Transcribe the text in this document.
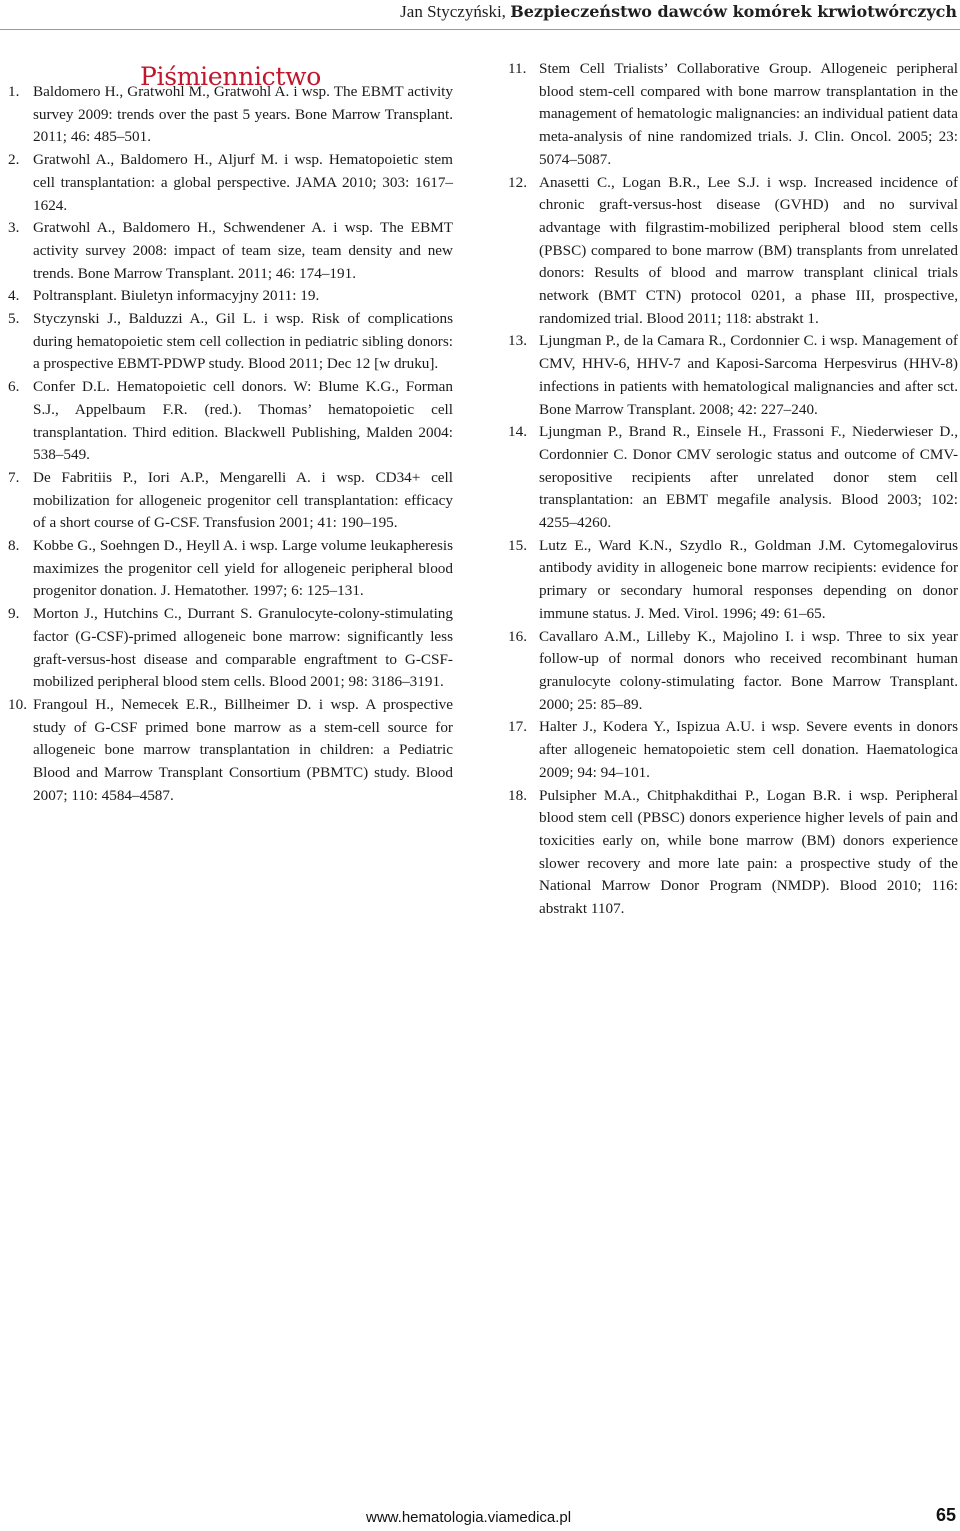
Jan Styczyński, Bezpieczeństwo dawców komórek krwiotwórczych
Piśmiennictwo
1. Baldomero H., Gratwohl M., Gratwohl A. i wsp. The EBMT activity survey 2009: trends over the past 5 years. Bone Marrow Transplant. 2011; 46: 485–501.
2. Gratwohl A., Baldomero H., Aljurf M. i wsp. Hematopoietic stem cell transplantation: a global perspective. JAMA 2010; 303: 1617–1624.
3. Gratwohl A., Baldomero H., Schwendener A. i wsp. The EBMT activity survey 2008: impact of team size, team density and new trends. Bone Marrow Transplant. 2011; 46: 174–191.
4. Poltransplant. Biuletyn informacyjny 2011: 19.
5. Styczynski J., Balduzzi A., Gil L. i wsp. Risk of complications during hematopoietic stem cell collection in pediatric sibling donors: a prospective EBMT-PDWP study. Blood 2011; Dec 12 [w druku].
6. Confer D.L. Hematopoietic cell donors. W: Blume K.G., Forman S.J., Appelbaum F.R. (red.). Thomas’ hematopoietic cell transplantation. Third edition. Blackwell Publishing, Malden 2004: 538–549.
7. De Fabritiis P., Iori A.P., Mengarelli A. i wsp. CD34+ cell mobilization for allogeneic progenitor cell transplantation: efficacy of a short course of G-CSF. Transfusion 2001; 41: 190–195.
8. Kobbe G., Soehngen D., Heyll A. i wsp. Large volume leukapheresis maximizes the progenitor cell yield for allogeneic peripheral blood progenitor donation. J. Hematother. 1997; 6: 125–131.
9. Morton J., Hutchins C., Durrant S. Granulocyte-colony-stimulating factor (G-CSF)-primed allogeneic bone marrow: significantly less graft-versus-host disease and comparable engraftment to G-CSF-mobilized peripheral blood stem cells. Blood 2001; 98: 3186–3191.
10. Frangoul H., Nemecek E.R., Billheimer D. i wsp. A prospective study of G-CSF primed bone marrow as a stem-cell source for allogeneic bone marrow transplantation in children: a Pediatric Blood and Marrow Transplant Consortium (PBMTC) study. Blood 2007; 110: 4584–4587.
11. Stem Cell Trialists’ Collaborative Group. Allogeneic peripheral blood stem-cell compared with bone marrow transplantation in the management of hematologic malignancies: an individual patient data meta-analysis of nine randomized trials. J. Clin. Oncol. 2005; 23: 5074–5087.
12. Anasetti C., Logan B.R., Lee S.J. i wsp. Increased incidence of chronic graft-versus-host disease (GVHD) and no survival advantage with filgrastim-mobilized peripheral blood stem cells (PBSC) compared to bone marrow (BM) transplants from unrelated donors: Results of blood and marrow transplant clinical trials network (BMT CTN) protocol 0201, a phase III, prospective, randomized trial. Blood 2011; 118: abstrakt 1.
13. Ljungman P., de la Camara R., Cordonnier C. i wsp. Management of CMV, HHV-6, HHV-7 and Kaposi-Sarcoma Herpesvirus (HHV-8) infections in patients with hematological malignancies and after sct. Bone Marrow Transplant. 2008; 42: 227–240.
14. Ljungman P., Brand R., Einsele H., Frassoni F., Niederwieser D., Cordonnier C. Donor CMV serologic status and outcome of CMV-seropositive recipients after unrelated donor stem cell transplantation: an EBMT megafile analysis. Blood 2003; 102: 4255–4260.
15. Lutz E., Ward K.N., Szydlo R., Goldman J.M. Cytomegalovirus antibody avidity in allogeneic bone marrow recipients: evidence for primary or secondary humoral responses depending on donor immune status. J. Med. Virol. 1996; 49: 61–65.
16. Cavallaro A.M., Lilleby K., Majolino I. i wsp. Three to six year follow-up of normal donors who received recombinant human granulocyte colony-stimulating factor. Bone Marrow Transplant. 2000; 25: 85–89.
17. Halter J., Kodera Y., Ispizua A.U. i wsp. Severe events in donors after allogeneic hematopoietic stem cell donation. Haematologica 2009; 94: 94–101.
18. Pulsipher M.A., Chitphakdithai P., Logan B.R. i wsp. Peripheral blood stem cell (PBSC) donors experience higher levels of pain and toxicities early on, while bone marrow (BM) donors experience slower recovery and more late pain: a prospective study of the National Marrow Donor Program (NMDP). Blood 2010; 116: abstrakt 1107.
www.hematologia.viamedica.pl	65
